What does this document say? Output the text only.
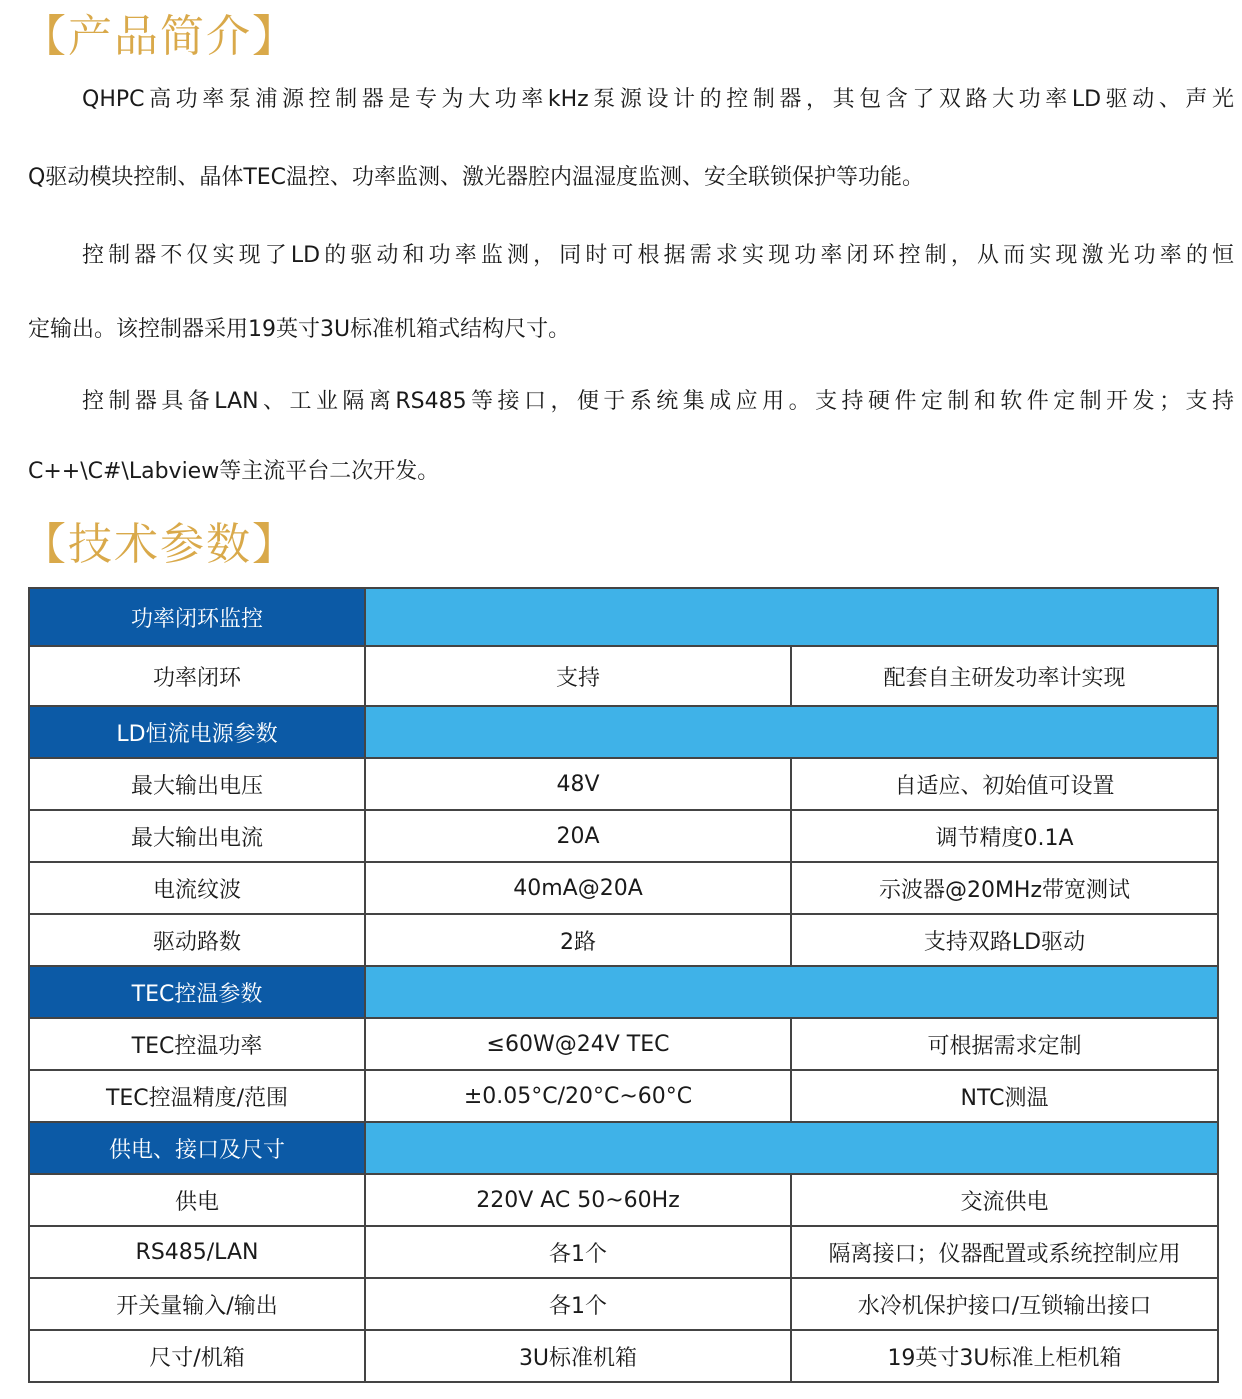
【产品简介】

QHPC高功率泵浦源控制器是专为大功率kHz泵源设计的控制器，其包含了双路大功率LD驱动、声光
Q驱动模块控制、晶体TEC温控、功率监测、激光器腔内温湿度监测、安全联锁保护等功能。

控制器不仅实现了LD的驱动和功率监测，同时可根据需求实现功率闭环控制，从而实现激光功率的恒
定输出。该控制器采用19英寸3U标准机箱式结构尺寸。

控制器具备LAN、工业隔离RS485等接口，便于系统集成应用。支持硬件定制和软件定制开发；支持
C++\C#\Labview等主流平台二次开发。

【技术参数】
功率闭环监控		
功率闭环	支持	配套自主研发功率计实现
LD恒流电源参数		
最大输出电压	48V	自适应、初始值可设置
最大输出电流	20A	调节精度0.1A
电流纹波	40mA@20A	示波器@20MHz带宽测试
驱动路数	2路	支持双路LD驱动
TEC控温参数		
TEC控温功率	≤60W@24V TEC	可根据需求定制
TEC控温精度/范围	±0.05°C/20°C~60°C	NTC测温
供电、接口及尺寸		
供电	220V AC 50~60Hz	交流供电
RS485/LAN	各1个	隔离接口；仪器配置或系统控制应用
开关量输入/输出	各1个	水冷机保护接口/互锁输出接口
尺寸/机箱	3U标准机箱	19英寸3U标准上柜机箱
